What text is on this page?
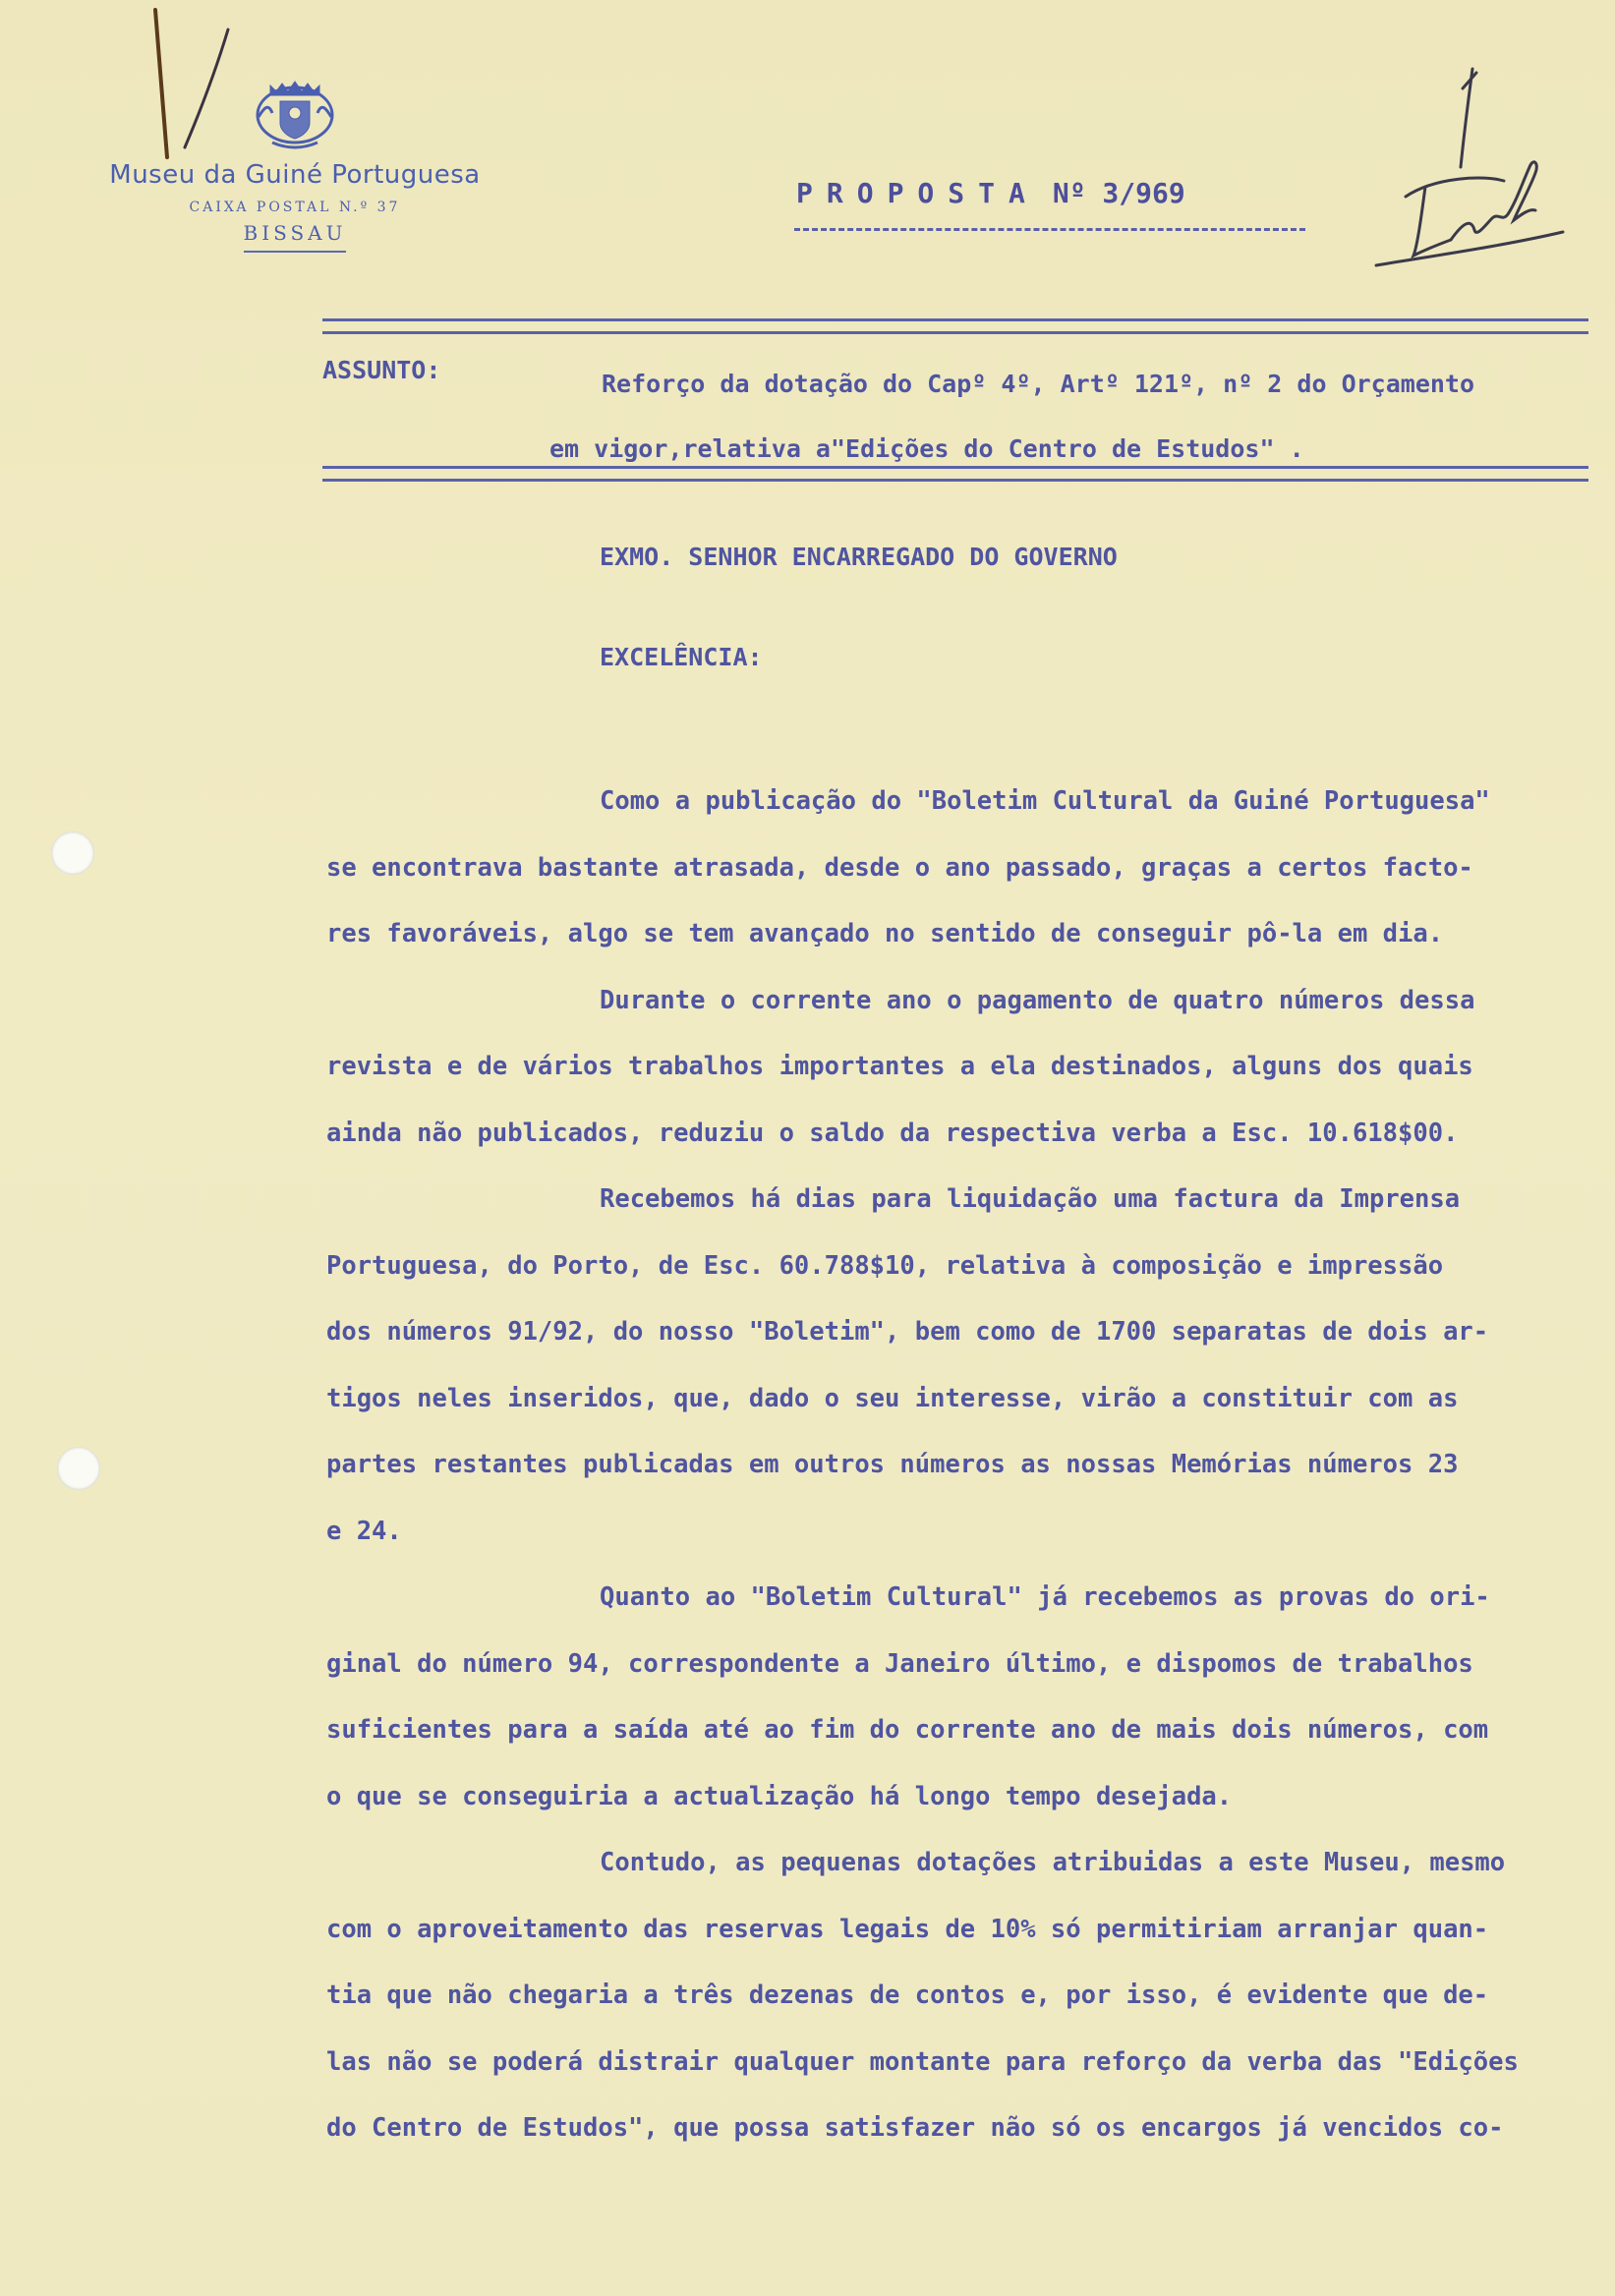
Museu da Guiné Portuguesa
CAIXA POSTAL N.º 37
BISSAU
PROPOSTA Nº 3/969
ASSUNTO:	Reforço da dotação do Capº 4º, Artº 121º, nº 2 do Orçamento
em vigor,relativa a"Edições do Centro de Estudos" .
EXMO. SENHOR ENCARREGADO DO GOVERNO
EXCELÊNCIA:
Como a publicação do "Boletim Cultural da Guiné Portuguesa"
se encontrava bastante atrasada, desde o ano passado, graças a certos facto-
res favoráveis, algo se tem avançado no sentido de conseguir pô-la em dia.
Durante o corrente ano o pagamento de quatro números dessa
revista e de vários trabalhos importantes a ela destinados, alguns dos quais
ainda não publicados, reduziu o saldo da respectiva verba a Esc. 10.618$00.
Recebemos há dias para liquidação uma factura da Imprensa
Portuguesa, do Porto, de Esc. 60.788$10, relativa à composição e impressão
dos números 91/92, do nosso "Boletim", bem como de 1700 separatas de dois ar-
tigos neles inseridos, que, dado o seu interesse, virão a constituir com as
partes restantes publicadas em outros números as nossas Memórias números 23
e 24.
Quanto ao "Boletim Cultural" já recebemos as provas do ori-
ginal do número 94, correspondente a Janeiro último, e dispomos de trabalhos
suficientes para a saída até ao fim do corrente ano de mais dois números, com
o que se conseguiria a actualização há longo tempo desejada.
Contudo, as pequenas dotações atribuidas a este Museu, mesmo
com o aproveitamento das reservas legais de 10% só permitiriam arranjar quan-
tia que não chegaria a três dezenas de contos e, por isso, é evidente que de-
las não se poderá distrair qualquer montante para reforço da verba das "Edições
do Centro de Estudos", que possa satisfazer não só os encargos já vencidos co-
